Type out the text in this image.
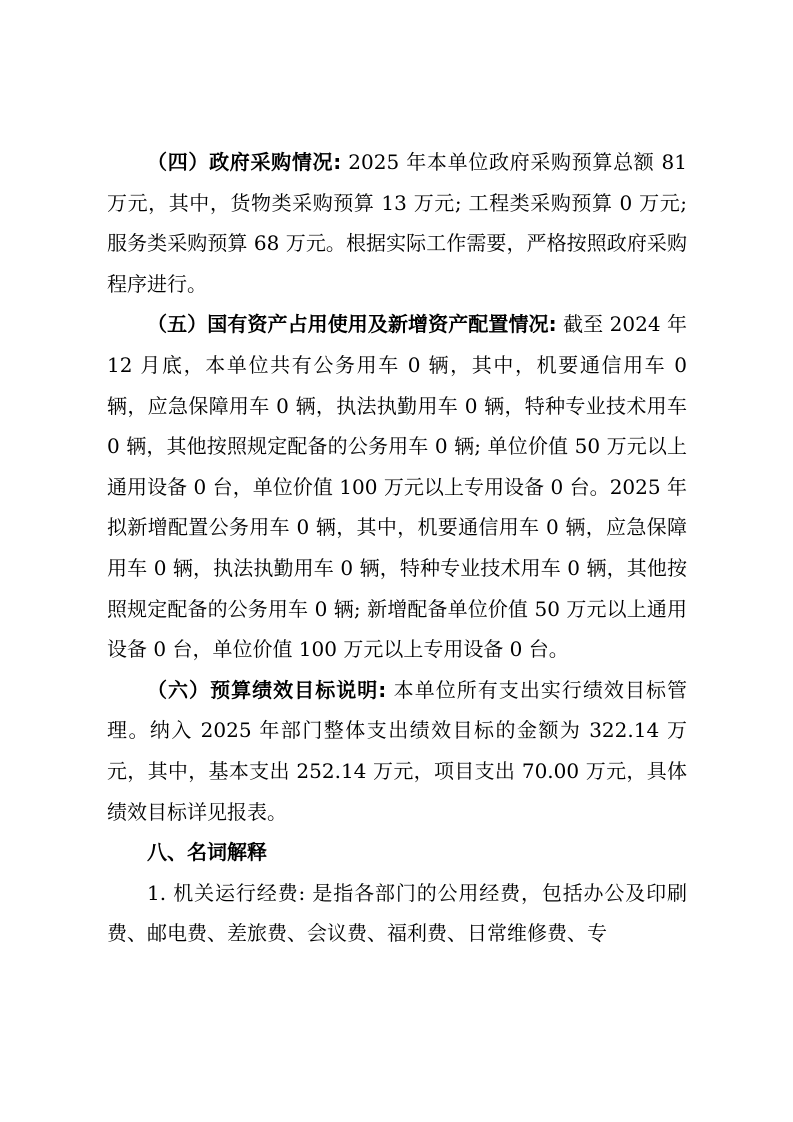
（四）政府采购情况: 2025 年本单位政府采购预算总额 81 万元，其中，货物类采购预算 13 万元; 工程类采购预算 0 万元; 服务类采购预算 68 万元。根据实际工作需要，严格按照政府采购程序进行。

（五）国有资产占用使用及新增资产配置情况: 截至 2024 年 12 月底，本单位共有公务用车 0 辆，其中，机要通信用车 0 辆，应急保障用车 0 辆，执法执勤用车 0 辆，特种专业技术用车 0 辆，其他按照规定配备的公务用车 0 辆; 单位价值 50 万元以上通用设备 0 台，单位价值 100 万元以上专用设备 0 台。2025 年拟新增配置公务用车 0 辆，其中，机要通信用车 0 辆，应急保障用车 0 辆，执法执勤用车 0 辆，特种专业技术用车 0 辆，其他按照规定配备的公务用车 0 辆; 新增配备单位价值 50 万元以上通用设备 0 台，单位价值 100 万元以上专用设备 0 台。

（六）预算绩效目标说明: 本单位所有支出实行绩效目标管理。纳入 2025 年部门整体支出绩效目标的金额为 322.14 万元，其中，基本支出 252.14 万元，项目支出 70.00 万元，具体绩效目标详见报表。

八、名词解释

1. 机关运行经费: 是指各部门的公用经费，包括办公及印刷费、邮电费、差旅费、会议费、福利费、日常维修费、专
